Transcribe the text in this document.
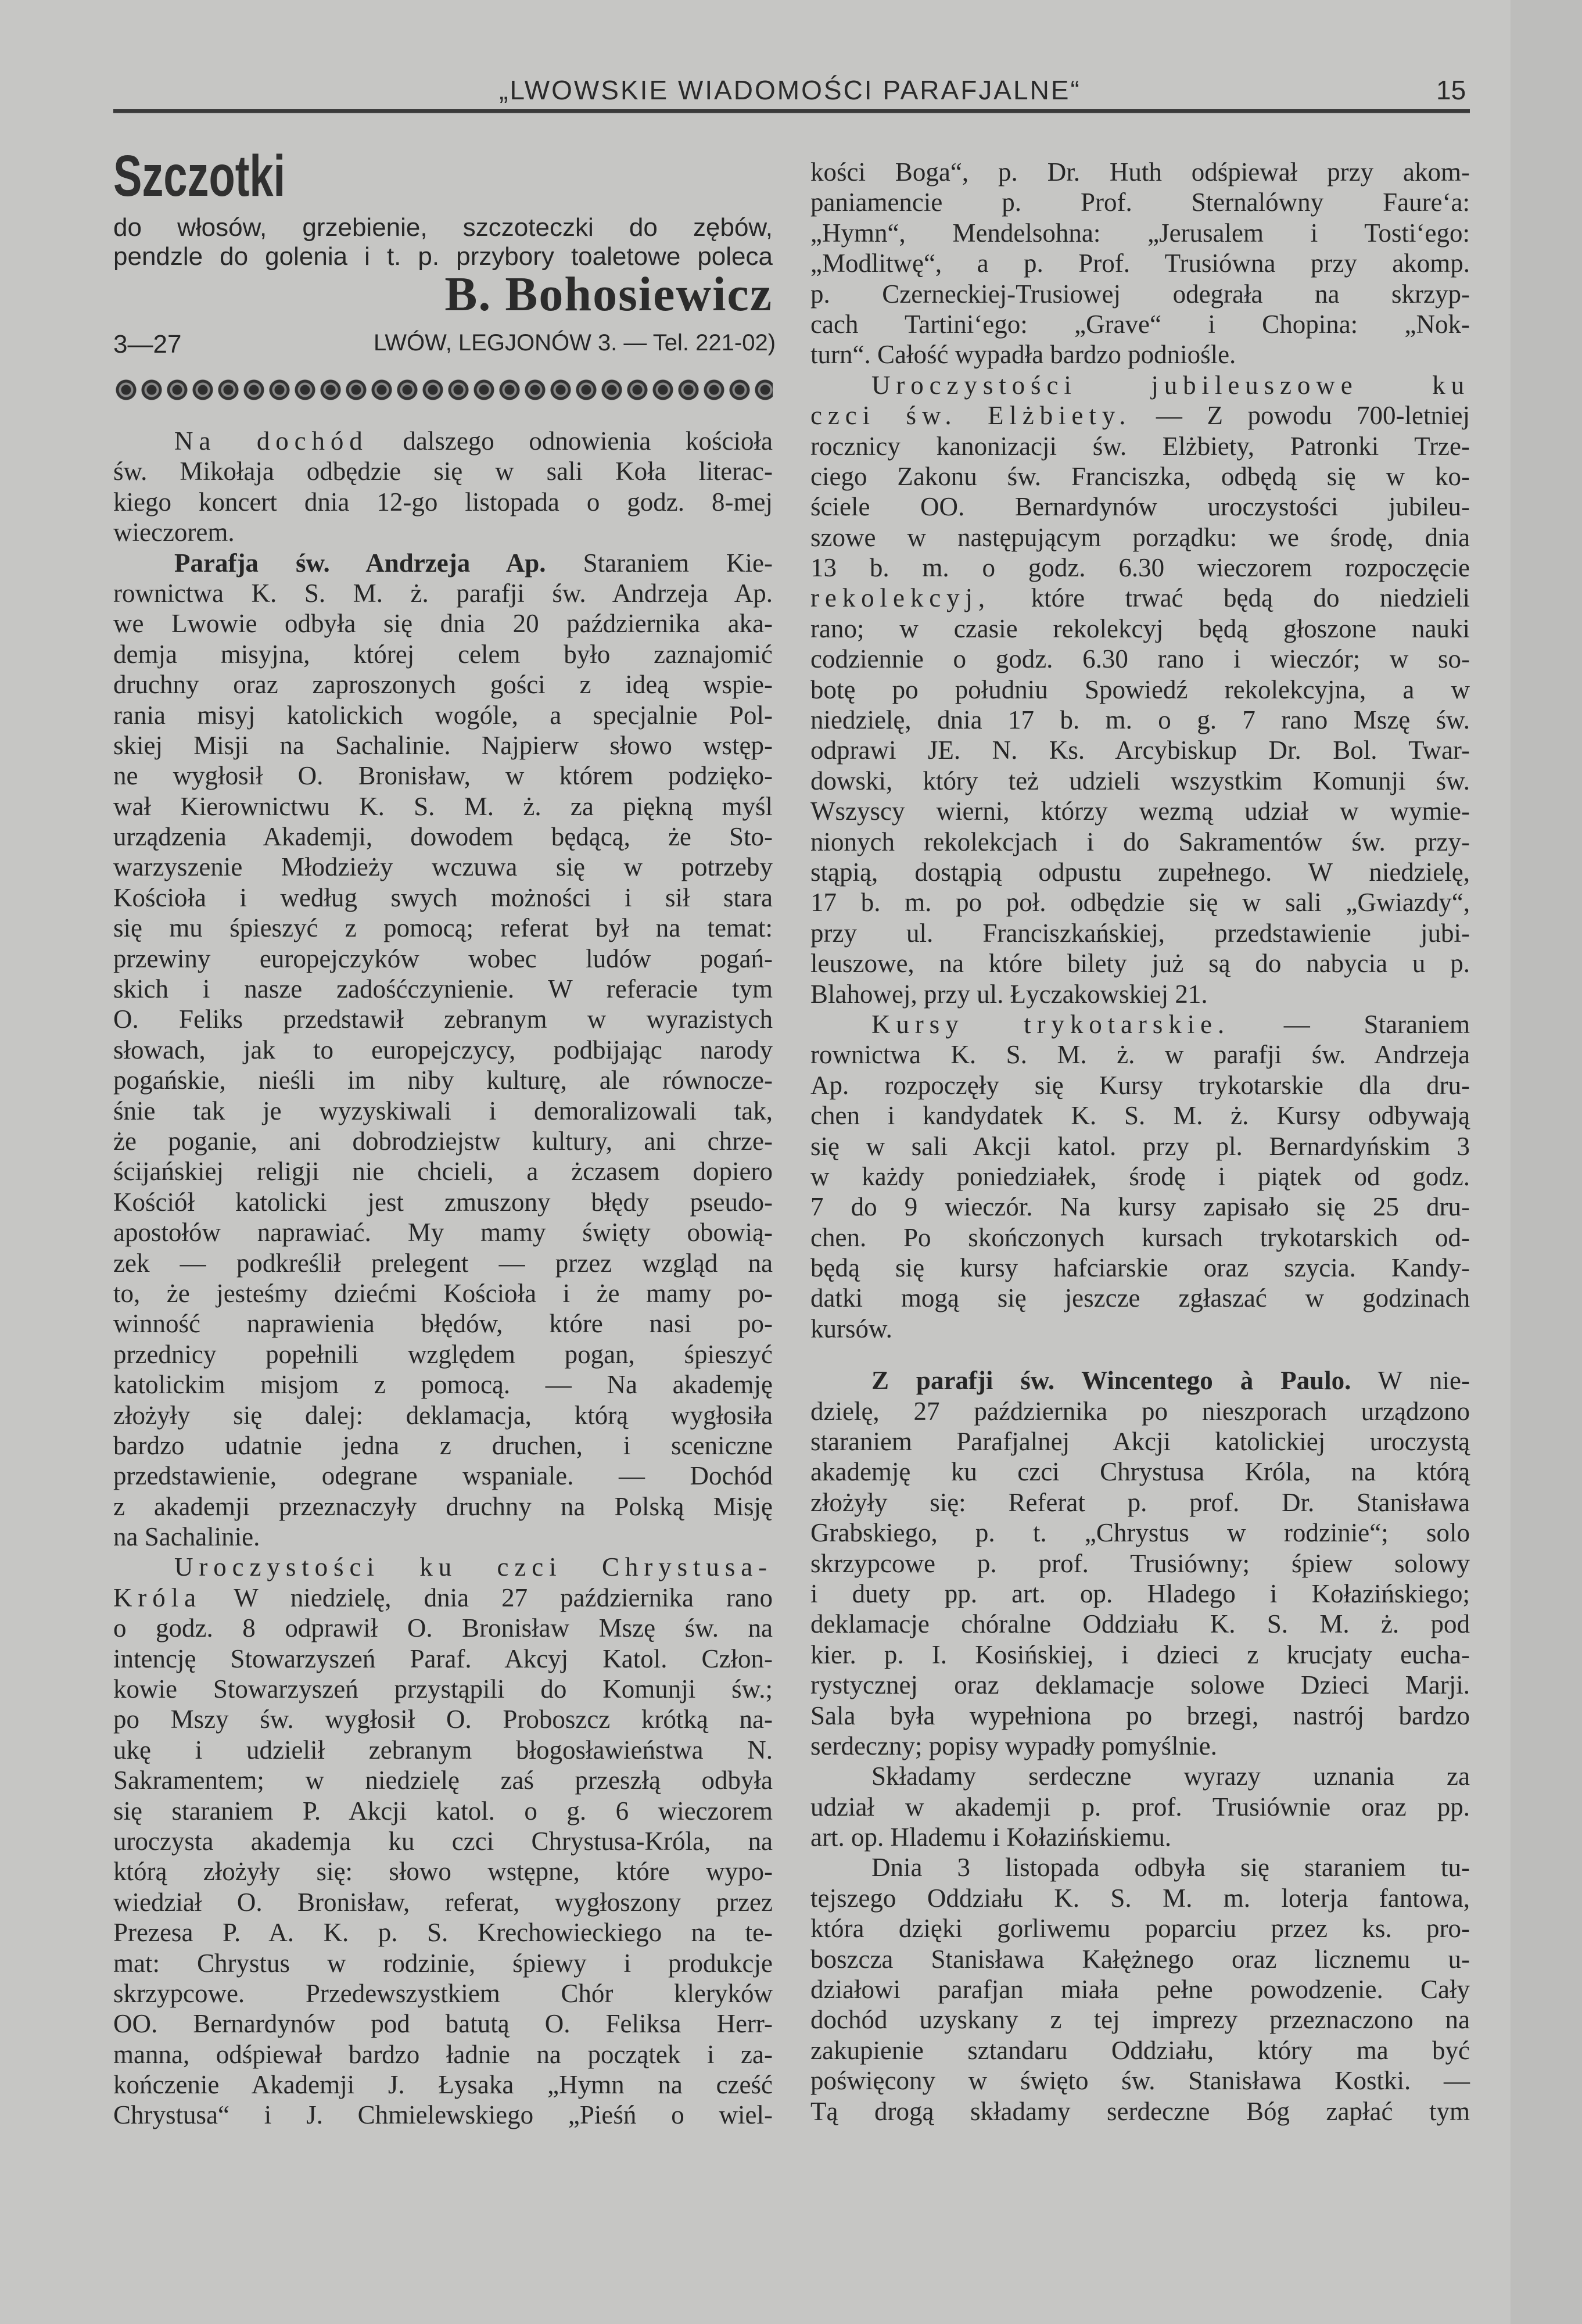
„LWOWSKIE WIADOMOŚCI PARAFJALNE“	15
Szczotki
do włosów, grzebienie, szczoteczki do zębów,
pendzle do golenia i t. p. przybory toaletowe poleca
B. Bohosiewicz
3—27	LWÓW, LEGJONÓW 3. — Tel. 221-02)
Na dochód dalszego odnowienia kościoła
św. Mikołaja odbędzie się w sali Koła literac-
kiego koncert dnia 12-go listopada o godz. 8-mej
wieczorem.
Parafja św. Andrzeja Ap. Staraniem Kie-
rownictwa K. S. M. ż. parafji św. Andrzeja Ap.
we Lwowie odbyła się dnia 20 października aka-
demja misyjna, której celem było zaznajomić
druchny oraz zaproszonych gości z ideą wspie-
rania misyj katolickich wogóle, a specjalnie Pol-
skiej Misji na Sachalinie. Najpierw słowo wstęp-
ne wygłosił O. Bronisław, w którem podzięko-
wał Kierownictwu K. S. M. ż. za piękną myśl
urządzenia Akademji, dowodem będącą, że Sto-
warzyszenie Młodzieży wczuwa się w potrzeby
Kościoła i według swych możności i sił stara
się mu śpieszyć z pomocą; referat był na temat:
przewiny europejczyków wobec ludów pogań-
skich i nasze zadośćczynienie. W referacie tym
O. Feliks przedstawił zebranym w wyrazistych
słowach, jak to europejczycy, podbijając narody
pogańskie, nieśli im niby kulturę, ale równocze-
śnie tak je wyzyskiwali i demoralizowali tak,
że poganie, ani dobrodziejstw kultury, ani chrze-
ścijańskiej religji nie chcieli, a żczasem dopiero
Kościół katolicki jest zmuszony błędy pseudo-
apostołów naprawiać. My mamy święty obowią-
zek — podkreślił prelegent — przez wzgląd na
to, że jesteśmy dziećmi Kościoła i że mamy po-
winność naprawienia błędów, które nasi po-
przednicy popełnili względem pogan, śpieszyć
katolickim misjom z pomocą. — Na akademję
złożyły się dalej: deklamacja, którą wygłosiła
bardzo udatnie jedna z druchen, i sceniczne
przedstawienie, odegrane wspaniale. — Dochód
z akademji przeznaczyły druchny na Polską Misję
na Sachalinie.
Uroczystości ku czci Chrystusa-
Króla W niedzielę, dnia 27 października rano
o godz. 8 odprawił O. Bronisław Mszę św. na
intencję Stowarzyszeń Paraf. Akcyj Katol. Człon-
kowie Stowarzyszeń przystąpili do Komunji św.;
po Mszy św. wygłosił O. Proboszcz krótką na-
ukę i udzielił zebranym błogosławieństwa N.
Sakramentem; w niedzielę zaś przeszłą odbyła
się staraniem P. Akcji katol. o g. 6 wieczorem
uroczysta akademja ku czci Chrystusa-Króla, na
którą złożyły się: słowo wstępne, które wypo-
wiedział O. Bronisław, referat, wygłoszony przez
Prezesa P. A. K. p. S. Krechowieckiego na te-
mat: Chrystus w rodzinie, śpiewy i produkcje
skrzypcowe. Przedewszystkiem Chór kleryków
OO. Bernardynów pod batutą O. Feliksa Herr-
manna, odśpiewał bardzo ładnie na początek i za-
kończenie Akademji J. Łysaka „Hymn na cześć
Chrystusa“ i J. Chmielewskiego „Pieśń o wiel-
kości Boga“, p. Dr. Huth odśpiewał przy akom-
paniamencie p. Prof. Sternalówny Faure‘a:
„Hymn“, Mendelsohna: „Jerusalem i Tosti‘ego:
„Modlitwę“, a p. Prof. Trusiówna przy akomp.
p. Czerneckiej-Trusiowej odegrała na skrzyp-
cach Tartini‘ego: „Grave“ i Chopina: „Nok-
turn“. Całość wypadła bardzo podniośle.
Uroczystości jubileuszowe ku
czci św. Elżbiety. — Z powodu 700-letniej
rocznicy kanonizacji św. Elżbiety, Patronki Trze-
ciego Zakonu św. Franciszka, odbędą się w ko-
ściele OO. Bernardynów uroczystości jubileu-
szowe w następującym porządku: we środę, dnia
13 b. m. o godz. 6.30 wieczorem rozpoczęcie
rekolekcyj, które trwać będą do niedzieli
rano; w czasie rekolekcyj będą głoszone nauki
codziennie o godz. 6.30 rano i wieczór; w so-
botę po południu Spowiedź rekolekcyjna, a w
niedzielę, dnia 17 b. m. o g. 7 rano Mszę św.
odprawi JE. N. Ks. Arcybiskup Dr. Bol. Twar-
dowski, który też udzieli wszystkim Komunji św.
Wszyscy wierni, którzy wezmą udział w wymie-
nionych rekolekcjach i do Sakramentów św. przy-
stąpią, dostąpią odpustu zupełnego. W niedzielę,
17 b. m. po poł. odbędzie się w sali „Gwiazdy“,
przy ul. Franciszkańskiej, przedstawienie jubi-
leuszowe, na które bilety już są do nabycia u p.
Blahowej, przy ul. Łyczakowskiej 21.
Kursy trykotarskie. — Staraniem
rownictwa K. S. M. ż. w parafji św. Andrzeja
Ap. rozpoczęły się Kursy trykotarskie dla dru-
chen i kandydatek K. S. M. ż. Kursy odbywają
się w sali Akcji katol. przy pl. Bernardyńskim 3
w każdy poniedziałek, środę i piątek od godz.
7 do 9 wieczór. Na kursy zapisało się 25 dru-
chen. Po skończonych kursach trykotarskich od-
będą się kursy hafciarskie oraz szycia. Kandy-
datki mogą się jeszcze zgłaszać w godzinach
kursów.
Z parafji św. Wincentego à Paulo. W nie-
dzielę, 27 października po nieszporach urządzono
staraniem Parafjalnej Akcji katolickiej uroczystą
akademję ku czci Chrystusa Króla, na którą
złożyły się: Referat p. prof. Dr. Stanisława
Grabskiego, p. t. „Chrystus w rodzinie“; solo
skrzypcowe p. prof. Trusiówny; śpiew solowy
i duety pp. art. op. Hladego i Kołazińskiego;
deklamacje chóralne Oddziału K. S. M. ż. pod
kier. p. I. Kosińskiej, i dzieci z krucjaty eucha-
rystycznej oraz deklamacje solowe Dzieci Marji.
Sala była wypełniona po brzegi, nastrój bardzo
serdeczny; popisy wypadły pomyślnie.
Składamy serdeczne wyrazy uznania za
udział w akademji p. prof. Trusiównie oraz pp.
art. op. Hlademu i Kołazińskiemu.
Dnia 3 listopada odbyła się staraniem tu-
tejszego Oddziału K. S. M. m. loterja fantowa,
która dzięki gorliwemu poparciu przez ks. pro-
boszcza Stanisława Kałężnego oraz licznemu u-
działowi parafjan miała pełne powodzenie. Cały
dochód uzyskany z tej imprezy przeznaczono na
zakupienie sztandaru Oddziału, który ma być
poświęcony w święto św. Stanisława Kostki. —
Tą drogą składamy serdeczne Bóg zapłać tym
